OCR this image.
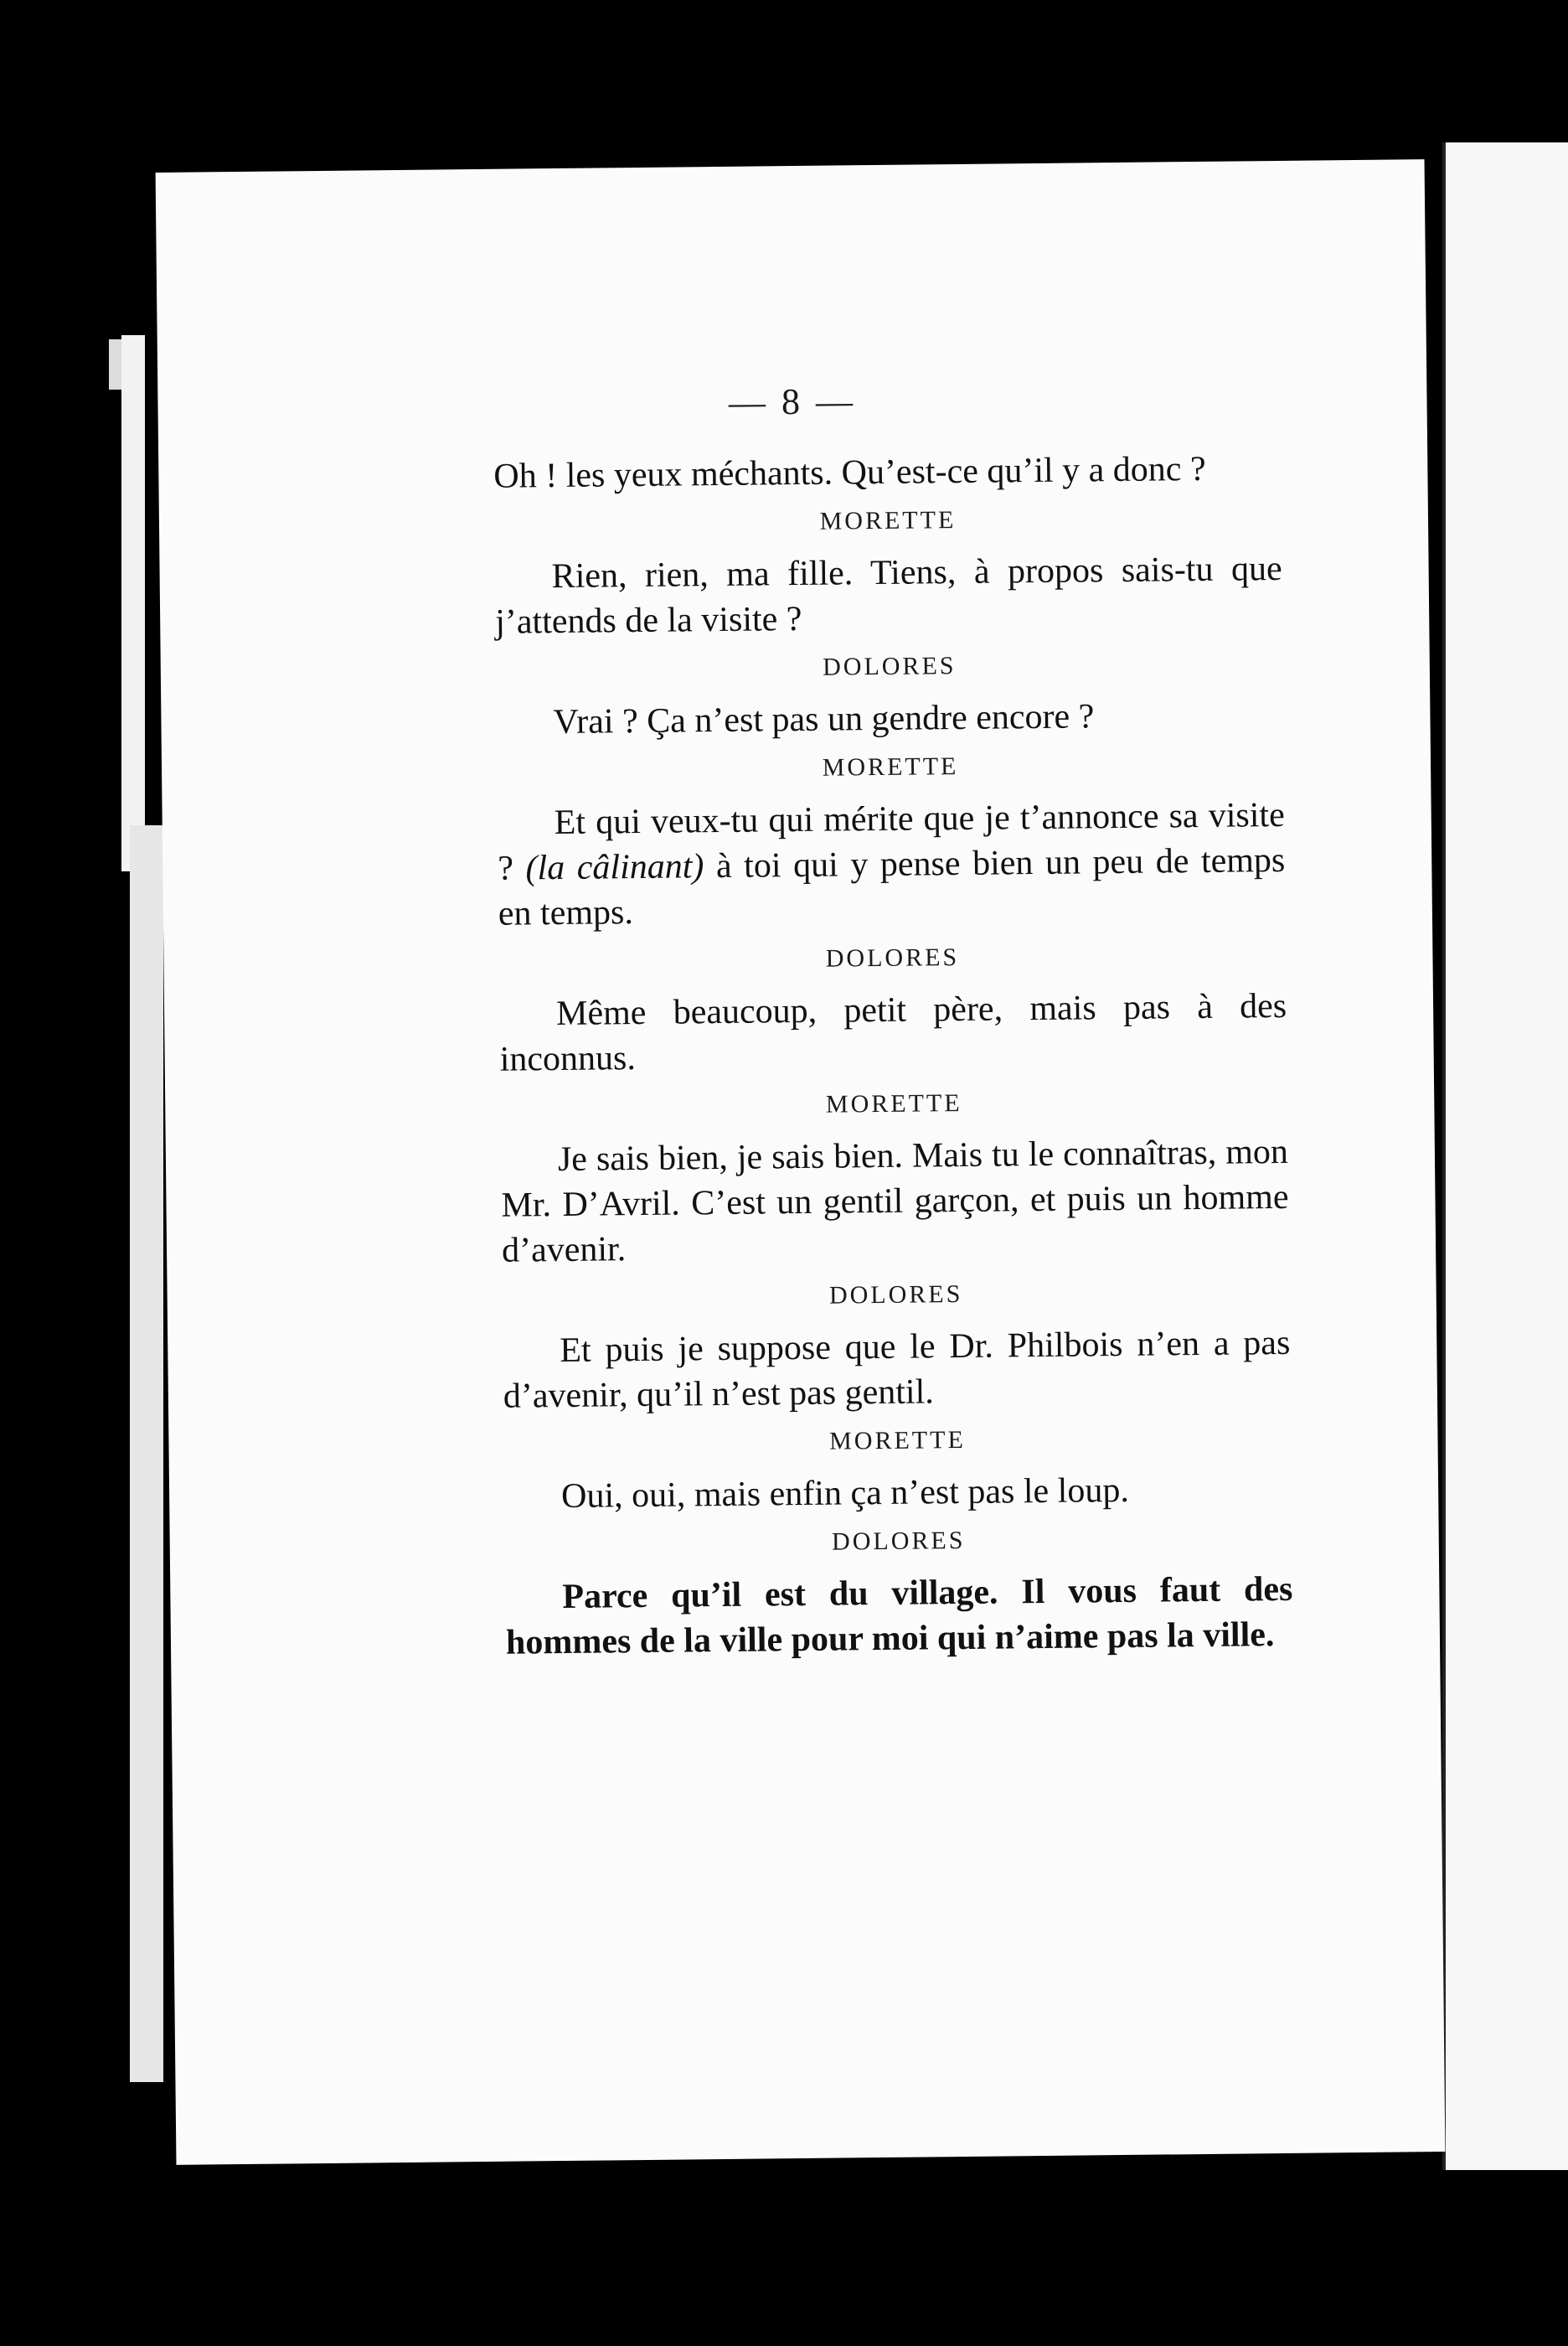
— 8 —

Oh ! les yeux méchants. Qu’est-ce qu’il y a donc ?

MORETTE

Rien, rien, ma fille. Tiens, à propos sais-tu que j’attends de la visite ?

DOLORES

Vrai ? Ça n’est pas un gendre encore ?

MORETTE

Et qui veux-tu qui mérite que je t’annonce sa visite ? (la câlinant) à toi qui y pense bien un peu de temps en temps.

DOLORES

Même beaucoup, petit père, mais pas à des inconnus.

MORETTE

Je sais bien, je sais bien. Mais tu le connaîtras, mon Mr. D’Avril. C’est un gentil garçon, et puis un homme d’avenir.

DOLORES

Et puis je suppose que le Dr. Philbois n’en a pas d’avenir, qu’il n’est pas gentil.

MORETTE

Oui, oui, mais enfin ça n’est pas le loup.

DOLORES

Parce qu’il est du village. Il vous faut des hommes de la ville pour moi qui n’aime pas la ville.
